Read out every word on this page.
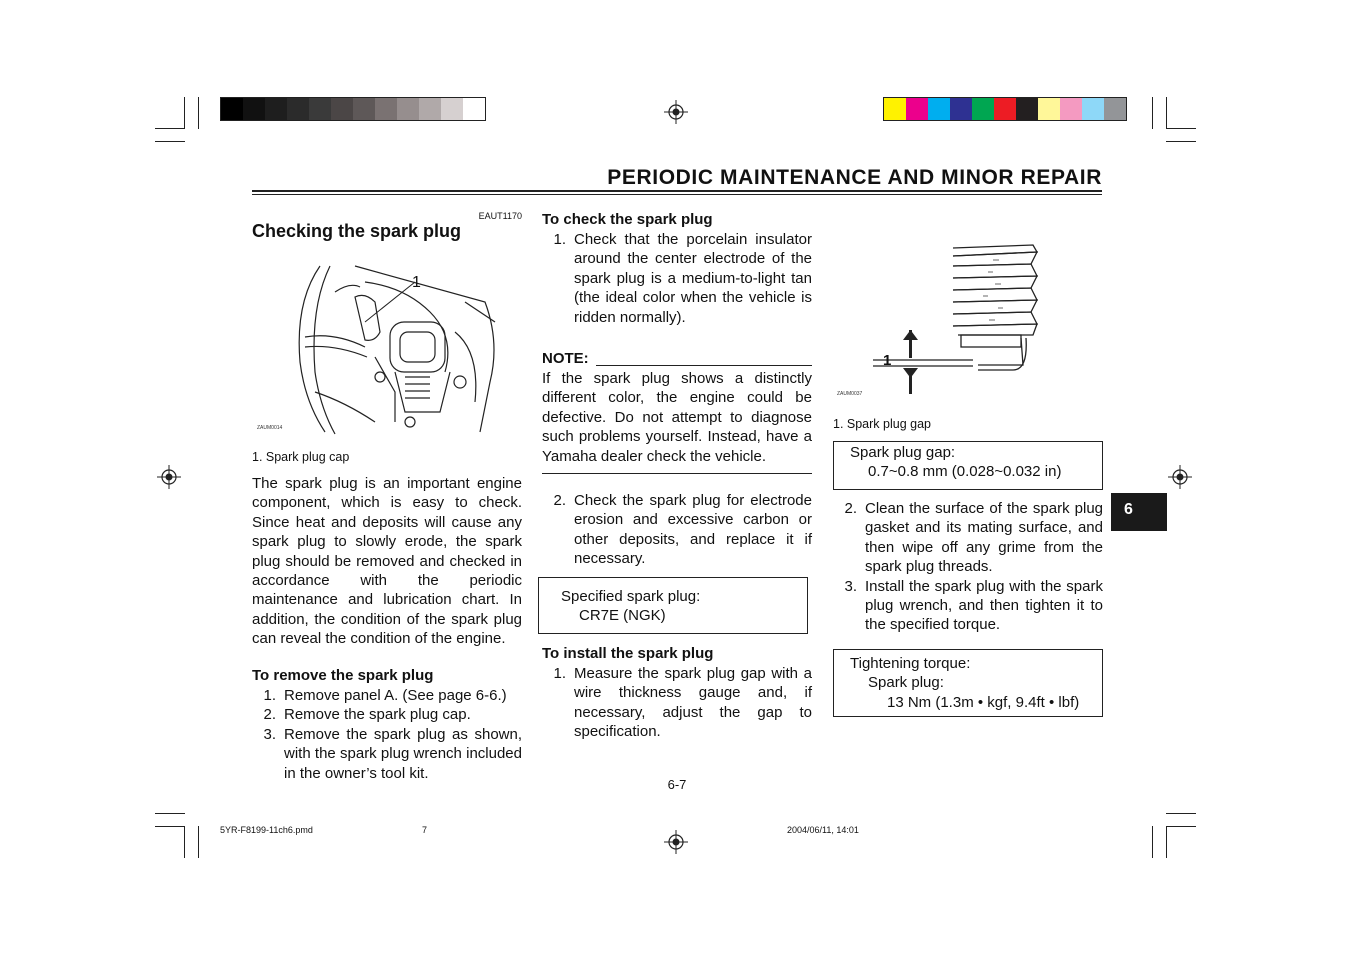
PERIODIC MAINTENANCE AND MINOR REPAIR
EAUT1170
Checking the spark plug
1
ZAUM0014
1. Spark plug cap
The spark plug is an important engine component, which is easy to check. Since heat and deposits will cause any spark plug to slowly erode, the spark plug should be removed and checked in accordance with the periodic maintenance and lubrication chart. In addition, the condition of the spark plug can reveal the condition of the engine.
To remove the spark plug
1. Remove panel A. (See page 6-6.)
2. Remove the spark plug cap.
3. Remove the spark plug as shown, with the spark plug wrench included in the owner’s tool kit.
To check the spark plug
1. Check that the porcelain insulator around the center electrode of the spark plug is a medium-to-light tan (the ideal color when the vehicle is ridden normally).
NOTE:
If the spark plug shows a distinctly different color, the engine could be defective. Do not attempt to diagnose such problems yourself. Instead, have a Yamaha dealer check the vehicle.
2. Check the spark plug for electrode erosion and excessive carbon or other deposits, and replace it if necessary.
Specified spark plug:
CR7E (NGK)
To install the spark plug
1. Measure the spark plug gap with a wire thickness gauge and, if necessary, adjust the gap to specification.
6-7
1
ZAUM0037
1. Spark plug gap
Spark plug gap:
0.7~0.8 mm (0.028~0.032 in)
2. Clean the surface of the spark plug gasket and its mating surface, and then wipe off any grime from the spark plug threads.
3. Install the spark plug with the spark plug wrench, and then tighten it to the specified torque.
Tightening torque:
Spark plug:
13 Nm (1.3m • kgf, 9.4ft • lbf)
6
5YR-F8199-11ch6.pmd	7	2004/06/11, 14:01
